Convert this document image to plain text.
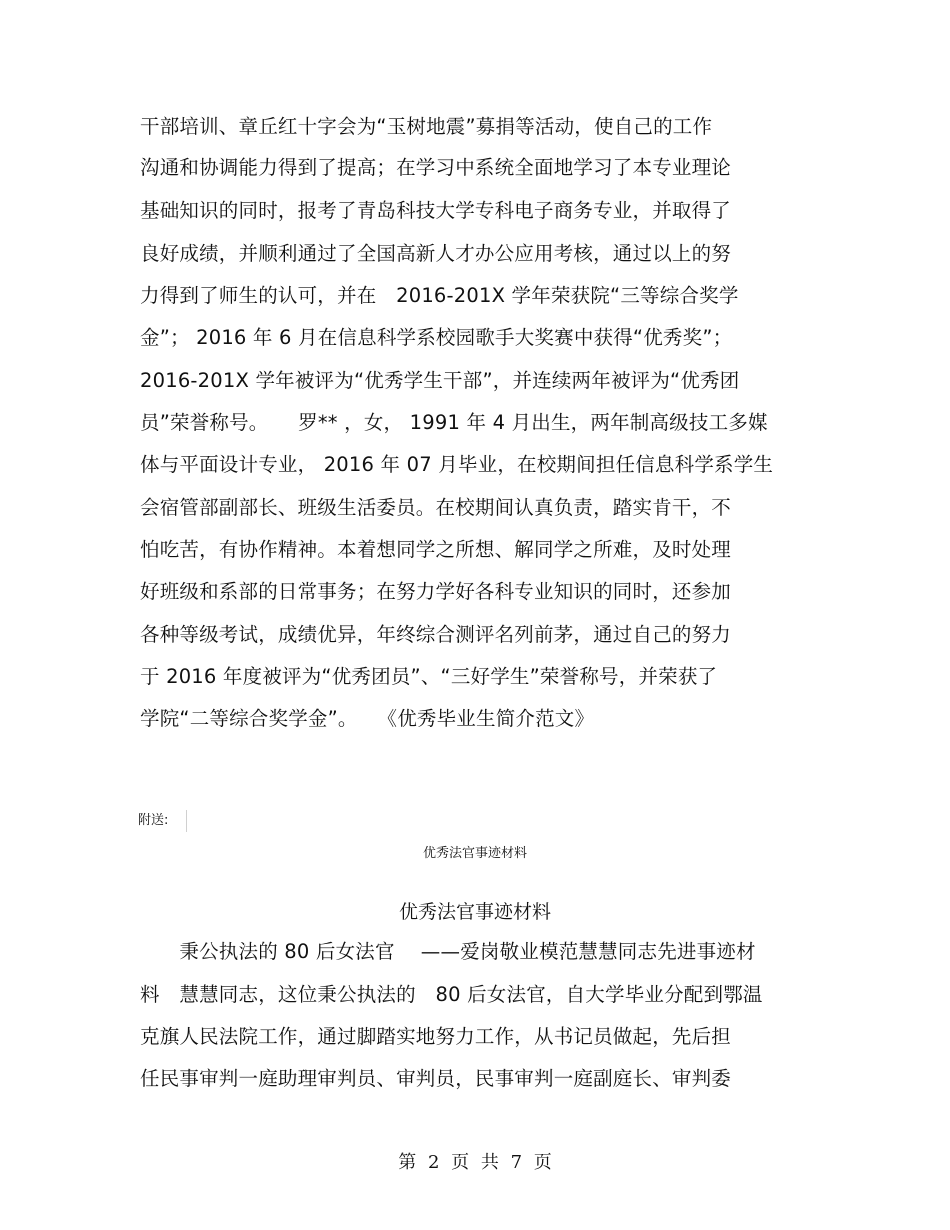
干部培训、章丘红十字会为“玉树地震”募捐等活动，使自己的工作
沟通和协调能力得到了提高；在学习中系统全面地学习了本专业理论
基础知识的同时，报考了青岛科技大学专科电子商务专业，并取得了
良好成绩，并顺利通过了全国高新人才办公应用考核，通过以上的努
力得到了师生的认可，并在　2016-201X 学年荣获院“三等综合奖学
金”； 2016 年 6 月在信息科学系校园歌手大奖赛中获得“优秀奖”；
2016-201X 学年被评为“优秀学生干部”，并连续两年被评为“优秀团
员”荣誉称号。　　罗** ，女， 1991 年 4 月出生，两年制高级技工多媒
体与平面设计专业， 2016 年 07 月毕业，在校期间担任信息科学系学生
会宿管部副部长、班级生活委员。在校期间认真负责，踏实肯干，不
怕吃苦，有协作精神。本着想同学之所想、解同学之所难，及时处理
好班级和系部的日常事务；在努力学好各科专业知识的同时，还参加
各种等级考试，成绩优异，年终综合测评名列前茅，通过自己的努力
于 2016 年度被评为“优秀团员”、“三好学生”荣誉称号，并荣获了
学院“二等综合奖学金”。　　《优秀毕业生简介范文》
附送:
优秀法官事迹材料
优秀法官事迹材料
　　秉公执法的 80 后女法官　 ——爱岗敬业模范慧慧同志先进事迹材
料　慧慧同志，这位秉公执法的　80 后女法官，自大学毕业分配到鄂温
克旗人民法院工作，通过脚踏实地努力工作，从书记员做起，先后担
任民事审判一庭助理审判员、审判员，民事审判一庭副庭长、审判委
第 2 页 共 7 页
